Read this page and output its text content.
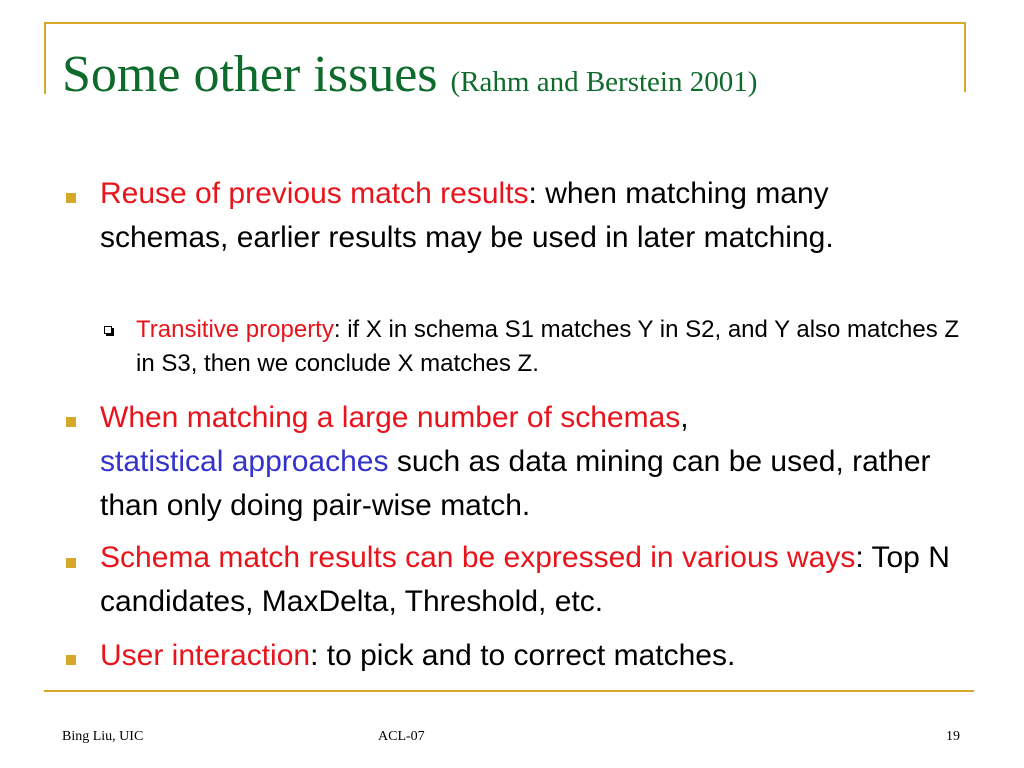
Some other issues (Rahm and Berstein 2001)
Reuse of previous match results: when matching many schemas, earlier results may be used in later matching.
Transitive property: if X in schema S1 matches Y in S2, and Y also matches Z in S3, then we conclude X matches Z.
When matching a large number of schemas,
statistical approaches such as data mining can be used, rather than only doing pair-wise match.
Schema match results can be expressed in various ways: Top N candidates, MaxDelta, Threshold, etc.
User interaction: to pick and to correct matches.
Bing Liu, UIC	ACL-07	19
